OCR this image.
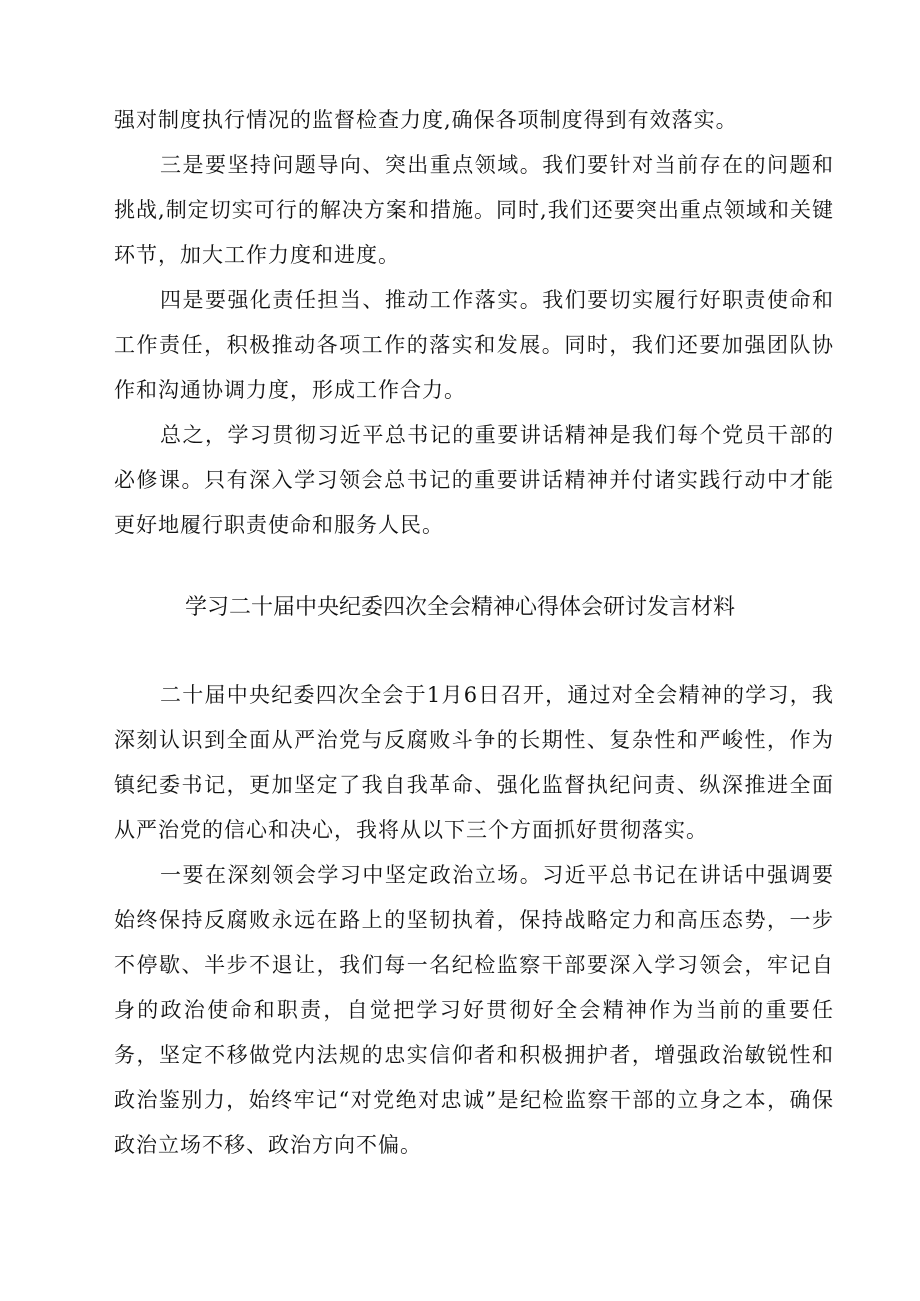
强对制度执行情况的监督检查力度,确保各项制度得到有效落实。

三是要坚持问题导向、突出重点领域。我们要针对当前存在的问题和挑战,制定切实可行的解决方案和措施。同时,我们还要突出重点领域和关键环节，加大工作力度和进度。

四是要强化责任担当、推动工作落实。我们要切实履行好职责使命和工作责任，积极推动各项工作的落实和发展。同时，我们还要加强团队协作和沟通协调力度，形成工作合力。

总之，学习贯彻习近平总书记的重要讲话精神是我们每个党员干部的必修课。只有深入学习领会总书记的重要讲话精神并付诸实践行动中才能更好地履行职责使命和服务人民。

学习二十届中央纪委四次全会精神心得体会研讨发言材料

二十届中央纪委四次全会于1月6日召开，通过对全会精神的学习，我深刻认识到全面从严治党与反腐败斗争的长期性、复杂性和严峻性，作为镇纪委书记，更加坚定了我自我革命、强化监督执纪问责、纵深推进全面从严治党的信心和决心，我将从以下三个方面抓好贯彻落实。

一要在深刻领会学习中坚定政治立场。习近平总书记在讲话中强调要始终保持反腐败永远在路上的坚韧执着，保持战略定力和高压态势，一步不停歇、半步不退让，我们每一名纪检监察干部要深入学习领会，牢记自身的政治使命和职责，自觉把学习好贯彻好全会精神作为当前的重要任务，坚定不移做党内法规的忠实信仰者和积极拥护者，增强政治敏锐性和政治鉴别力，始终牢记“对党绝对忠诚”是纪检监察干部的立身之本，确保政治立场不移、政治方向不偏。
